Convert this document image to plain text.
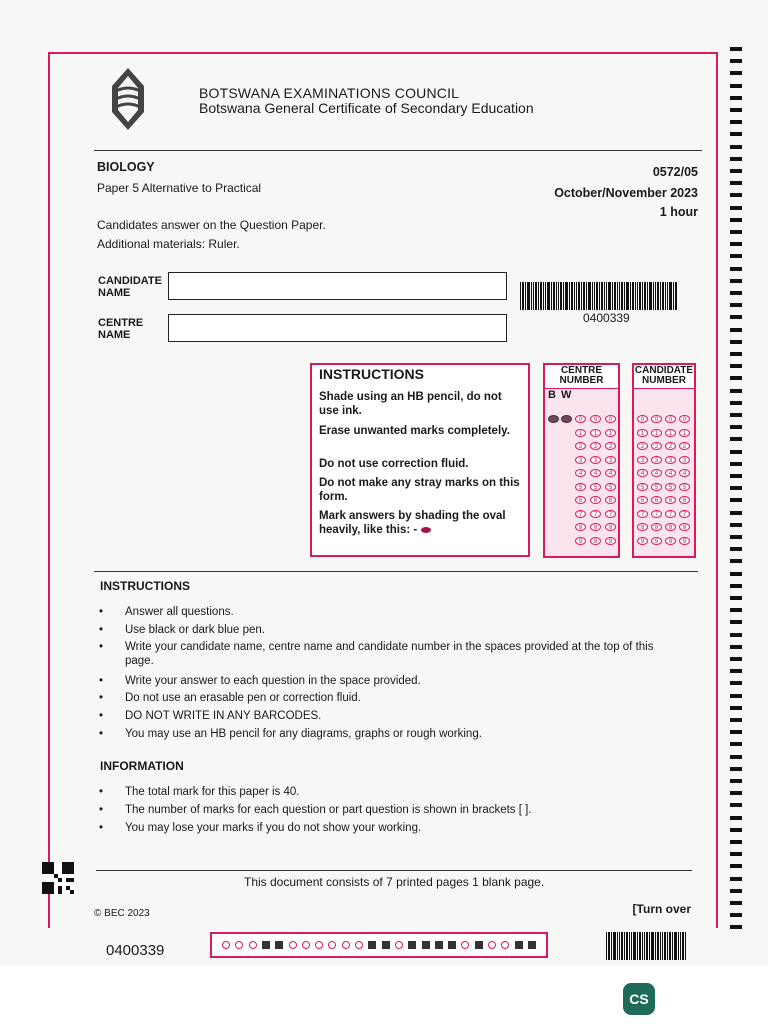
BOTSWANA EXAMINATIONS COUNCIL
Botswana General Certificate of Secondary Education
BIOLOGY
Paper 5 Alternative to Practical
0572/05
October/November 2023
1 hour
Candidates answer on the Question Paper.
Additional materials: Ruler.
CANDIDATE NAME
CENTRE NAME
0400339
INSTRUCTIONS
Shade using an HB pencil, do not use ink.
Erase unwanted marks completely.
Do not use correction fluid.
Do not make any stray marks on this form.
Mark answers by shading the oval heavily, like this: -
CENTRE NUMBER
B W
CANDIDATE NUMBER
0
1
2
3
4
5
6
7
8
9
0
1
2
3
4
5
6
7
8
9
0
1
2
3
4
5
6
7
8
9
0
1
2
3
4
5
6
7
8
9
0
1
2
3
4
5
6
7
8
9
0
1
2
3
4
5
6
7
8
9
0
1
2
3
4
5
6
7
8
9
INSTRUCTIONS
• Answer all questions.
• Use black or dark blue pen.
• Write your candidate name, centre name and candidate number in the spaces provided at the top of this page.
• Write your answer to each question in the space provided.
• Do not use an erasable pen or correction fluid.
• DO NOT WRITE IN ANY BARCODES.
• You may use an HB pencil for any diagrams, graphs or rough working.
INFORMATION
• The total mark for this paper is 40.
• The number of marks for each question or part question is shown in brackets [ ].
• You may lose your marks if you do not show your working.
This document consists of 7 printed pages 1 blank page.
© BEC 2023	[Turn over
0400339
CS
